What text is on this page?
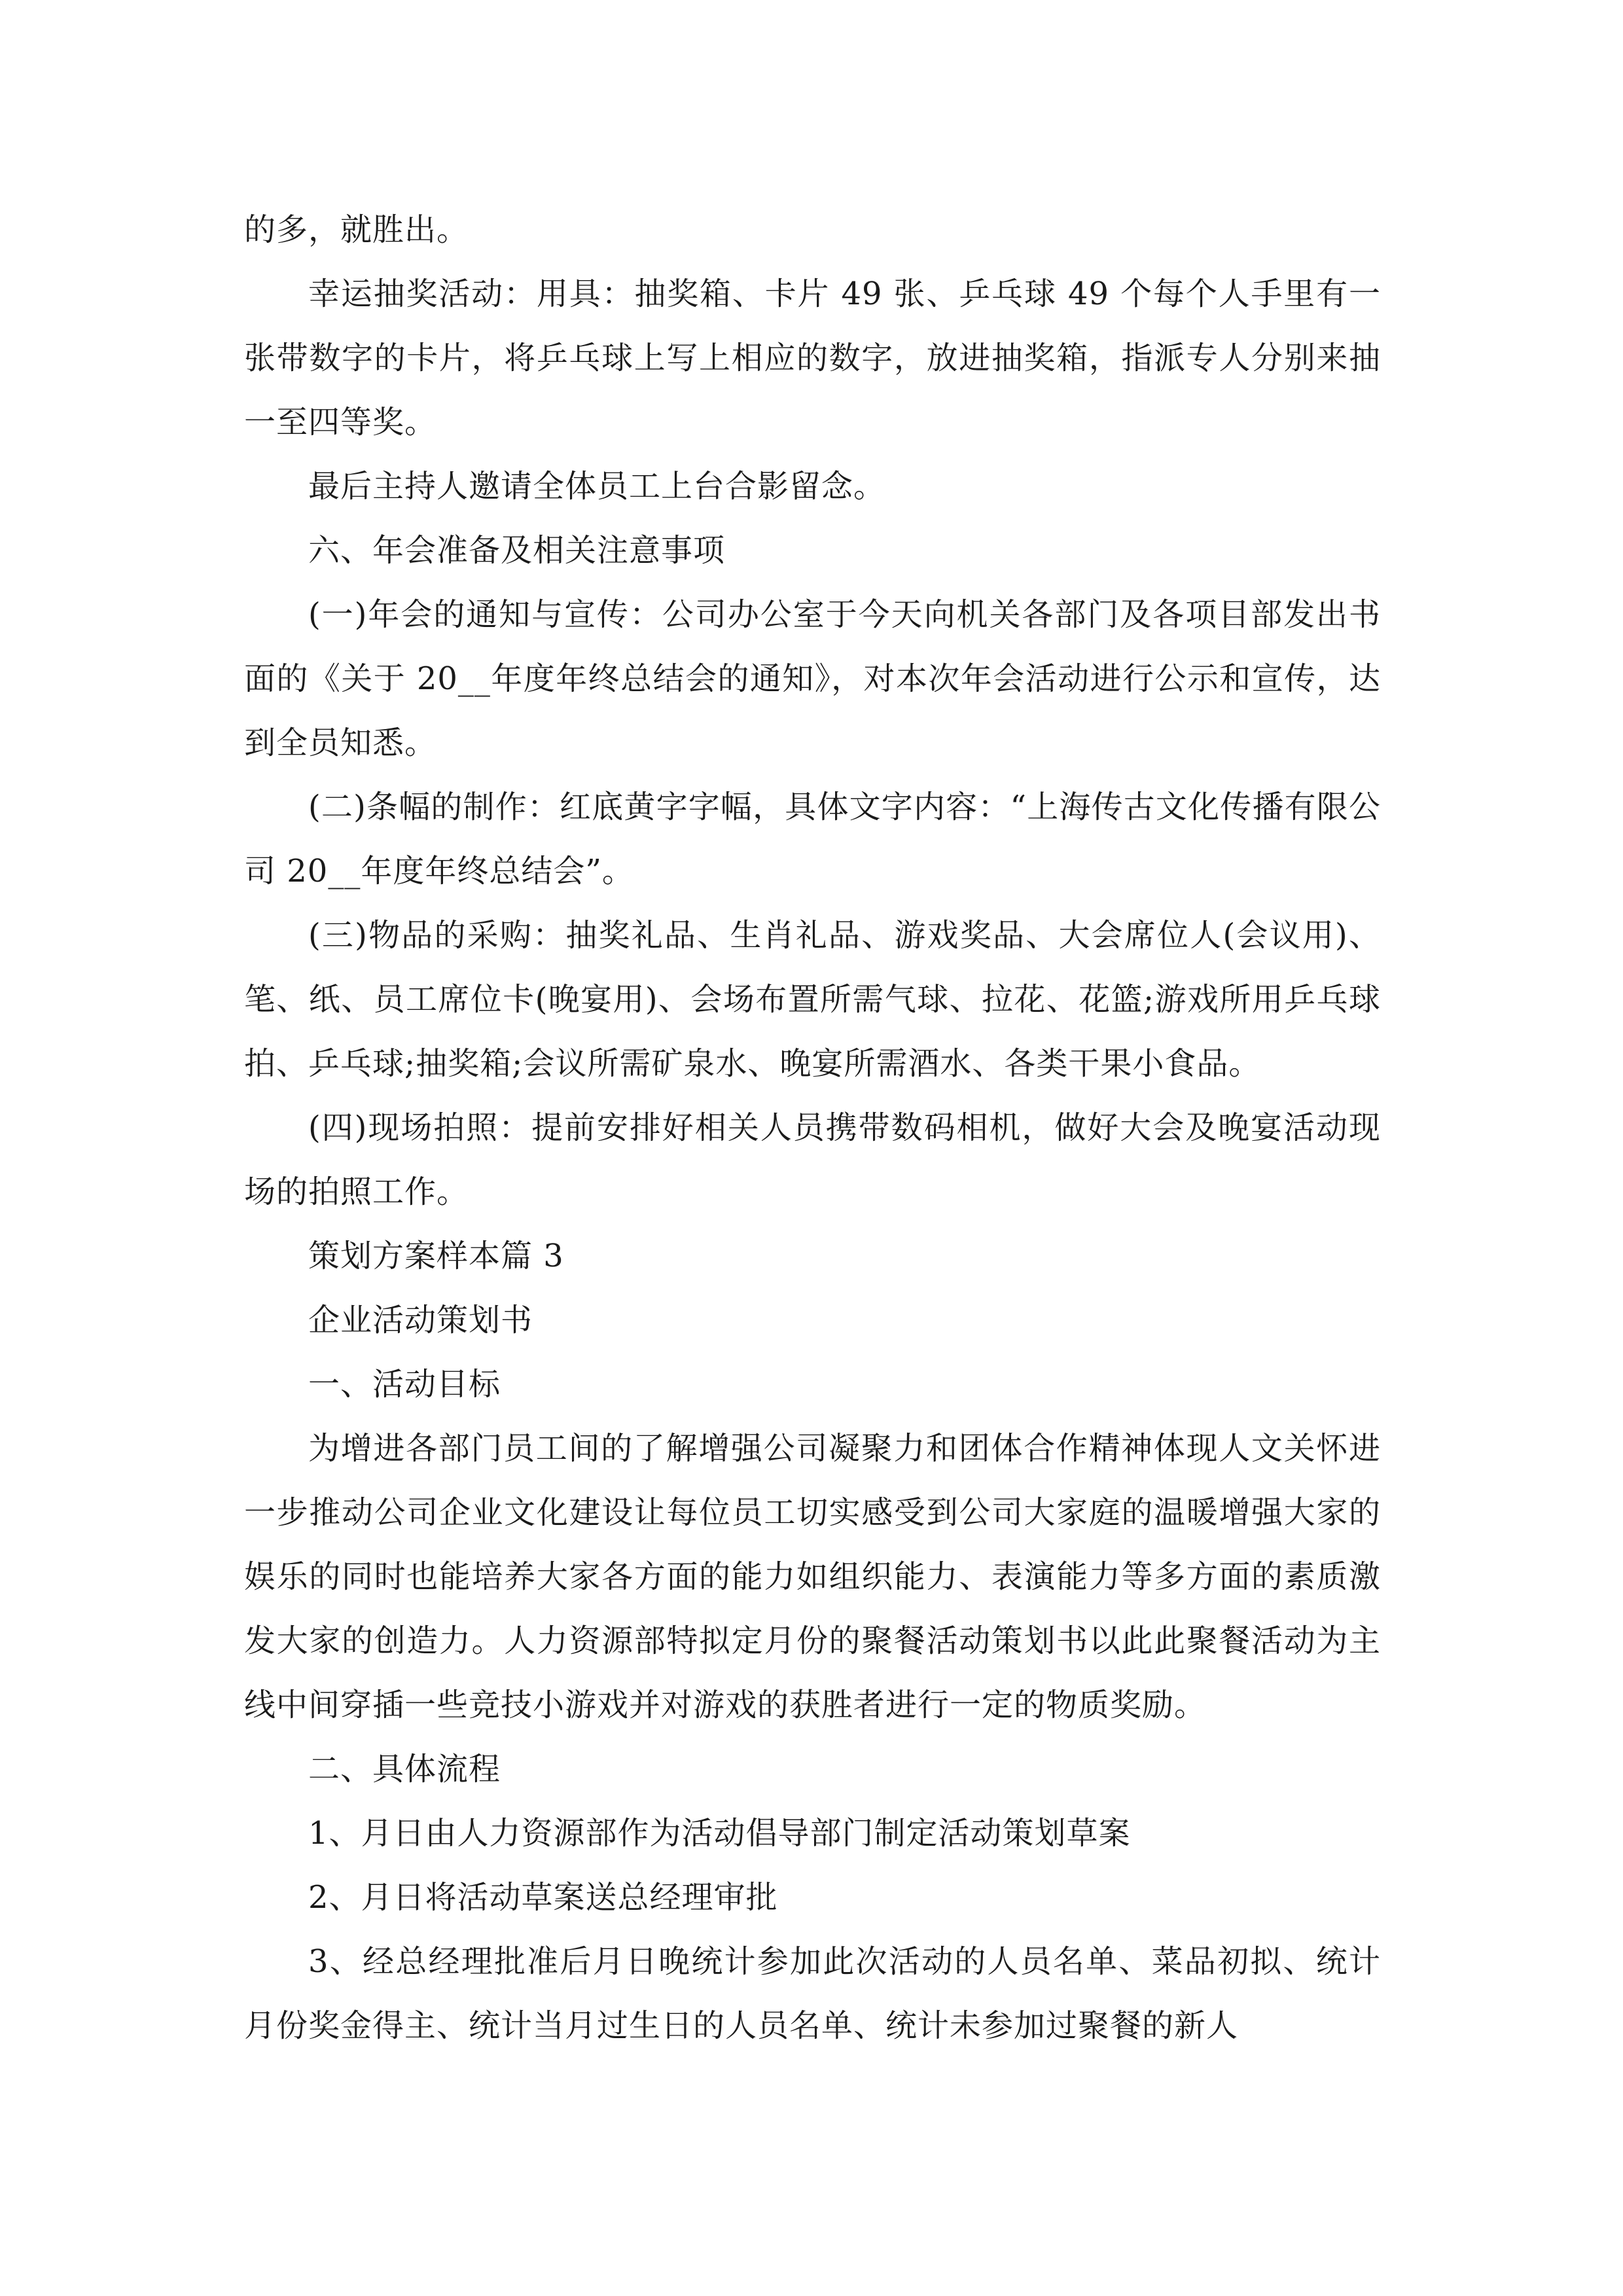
的多，就胜出。

幸运抽奖活动：用具：抽奖箱、卡片 49 张、乒乓球 49 个每个人手里有一张带数字的卡片，将乒乓球上写上相应的数字，放进抽奖箱，指派专人分别来抽一至四等奖。

最后主持人邀请全体员工上台合影留念。

六、年会准备及相关注意事项

(一)年会的通知与宣传：公司办公室于今天向机关各部门及各项目部发出书面的《关于 20__年度年终总结会的通知》，对本次年会活动进行公示和宣传，达到全员知悉。

(二)条幅的制作：红底黄字字幅，具体文字内容：“上海传古文化传播有限公司 20__年度年终总结会”。

(三)物品的采购：抽奖礼品、生肖礼品、游戏奖品、大会席位人(会议用)、笔、纸、员工席位卡(晚宴用)、会场布置所需气球、拉花、花篮;游戏所用乒乓球拍、乒乓球;抽奖箱;会议所需矿泉水、晚宴所需酒水、各类干果小食品。

(四)现场拍照：提前安排好相关人员携带数码相机，做好大会及晚宴活动现场的拍照工作。

策划方案样本篇 3

企业活动策划书

一、活动目标

为增进各部门员工间的了解增强公司凝聚力和团体合作精神体现人文关怀进一步推动公司企业文化建设让每位员工切实感受到公司大家庭的温暖增强大家的娱乐的同时也能培养大家各方面的能力如组织能力、表演能力等多方面的素质激发大家的创造力。人力资源部特拟定月份的聚餐活动策划书以此此聚餐活动为主线中间穿插一些竞技小游戏并对游戏的获胜者进行一定的物质奖励。

二、具体流程

1、月日由人力资源部作为活动倡导部门制定活动策划草案

2、月日将活动草案送总经理审批

3、经总经理批准后月日晚统计参加此次活动的人员名单、菜品初拟、统计月份奖金得主、统计当月过生日的人员名单、统计未参加过聚餐的新人
